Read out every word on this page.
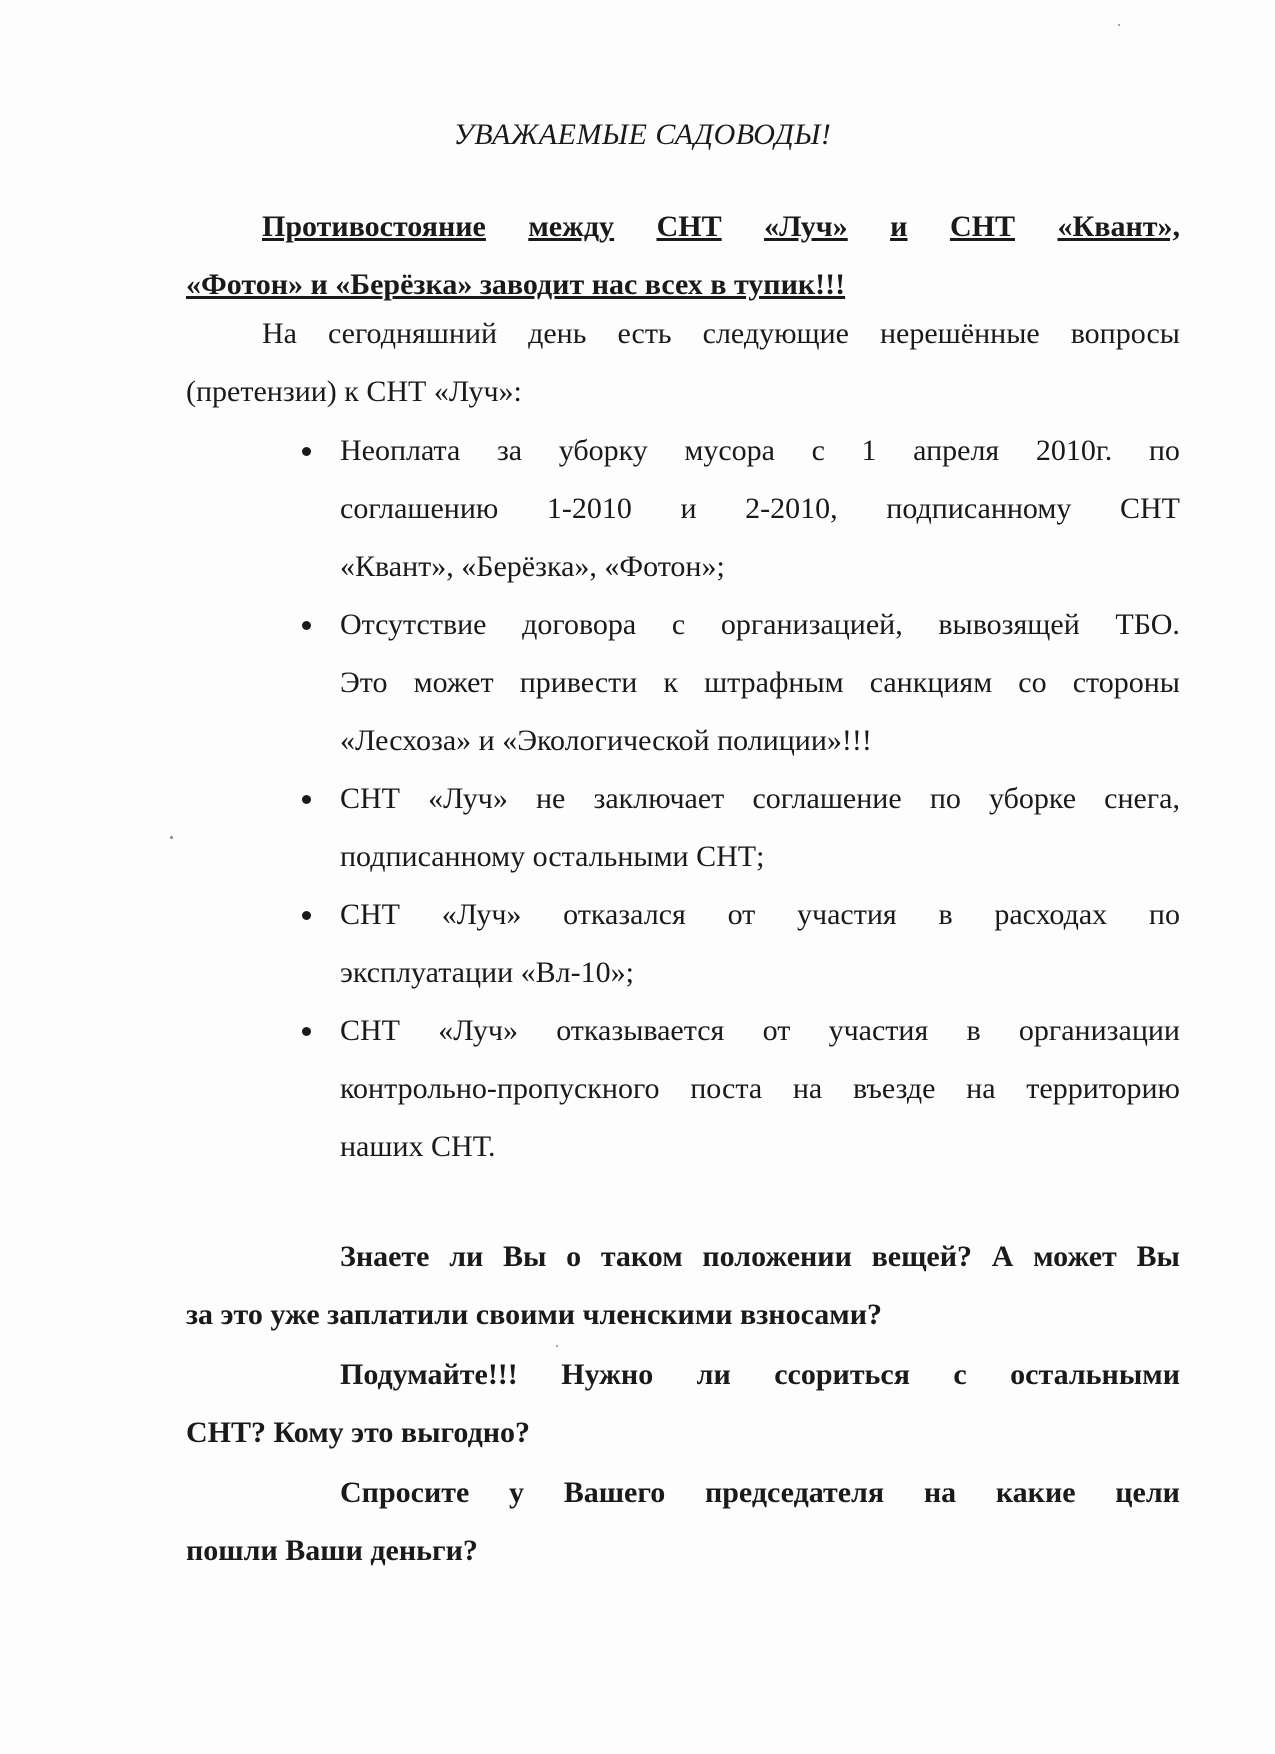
УВАЖАЕМЫЕ САДОВОДЫ!
Противостояние между СНТ «Луч» и СНТ «Квант»,
«Фотон» и «Берёзка» заводит нас всех в тупик!!!
На сегодняшний день есть следующие нерешённые вопросы
(претензии) к СНТ «Луч»:
Неоплата за уборку мусора с 1 апреля 2010г. по
соглашению 1-2010 и 2-2010, подписанному СНТ
«Квант», «Берёзка», «Фотон»;
Отсутствие договора с организацией, вывозящей ТБО.
Это может привести к штрафным санкциям со стороны
«Лесхоза» и «Экологической полиции»!!!
СНТ «Луч» не заключает соглашение по уборке снега,
подписанному остальными СНТ;
СНТ «Луч» отказался от участия в расходах по
эксплуатации «Вл-10»;
СНТ «Луч» отказывается от участия в организации
контрольно-пропускного поста на въезде на территорию
наших СНТ.
Знаете ли Вы о таком положении вещей? А может Вы
за это уже заплатили своими членскими взносами?
Подумайте!!! Нужно ли ссориться с остальными
СНТ? Кому это выгодно?
Спросите у Вашего председателя на какие цели
пошли Ваши деньги?
